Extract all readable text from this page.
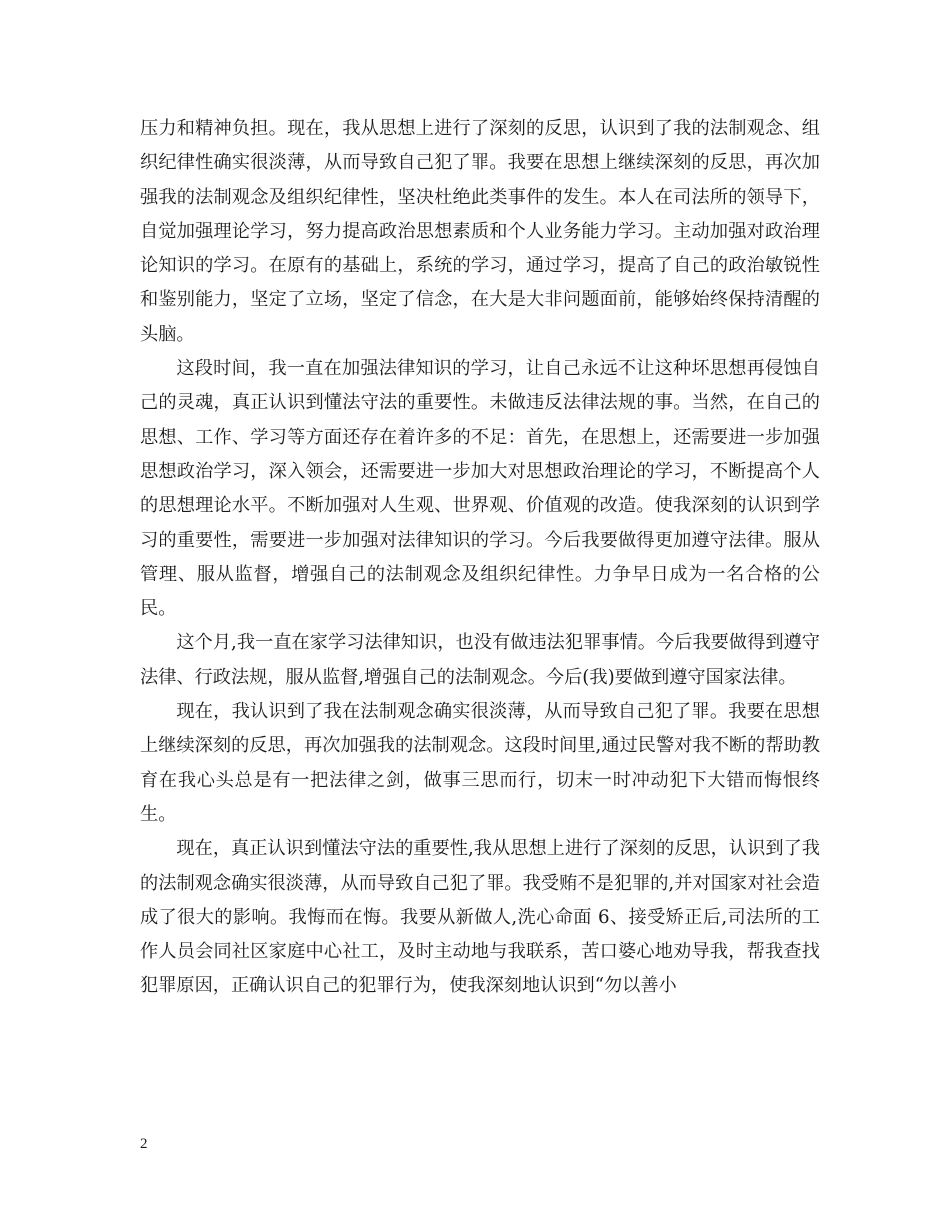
压力和精神负担。现在，我从思想上进行了深刻的反思，认识到了我的法制观念、组织纪律性确实很淡薄，从而导致自己犯了罪。我要在思想上继续深刻的反思，再次加强我的法制观念及组织纪律性，坚决杜绝此类事件的发生。本人在司法所的领导下，自觉加强理论学习，努力提高政治思想素质和个人业务能力学习。主动加强对政治理论知识的学习。在原有的基础上，系统的学习，通过学习，提高了自己的政治敏锐性和鉴别能力，坚定了立场，坚定了信念，在大是大非问题面前，能够始终保持清醒的头脑。

这段时间，我一直在加强法律知识的学习，让自己永远不让这种坏思想再侵蚀自己的灵魂，真正认识到懂法守法的重要性。未做违反法律法规的事。当然，在自己的思想、工作、学习等方面还存在着许多的不足：首先，在思想上，还需要进一步加强思想政治学习，深入领会，还需要进一步加大对思想政治理论的学习，不断提高个人的思想理论水平。不断加强对人生观、世界观、价值观的改造。使我深刻的认识到学习的重要性，需要进一步加强对法律知识的学习。今后我要做得更加遵守法律。服从管理、服从监督，增强自己的法制观念及组织纪律性。力争早日成为一名合格的公民。

这个月,我一直在家学习法律知识，也没有做违法犯罪事情。今后我要做得到遵守法律、行政法规，服从监督,增强自己的法制观念。今后(我)要做到遵守国家法律。

现在，我认识到了我在法制观念确实很淡薄，从而导致自己犯了罪。我要在思想上继续深刻的反思，再次加强我的法制观念。这段时间里,通过民警对我不断的帮助教育在我心头总是有一把法律之剑，做事三思而行，切末一时冲动犯下大错而悔恨终生。

现在，真正认识到懂法守法的重要性,我从思想上进行了深刻的反思，认识到了我的法制观念确实很淡薄，从而导致自己犯了罪。我受贿不是犯罪的,并对国家对社会造成了很大的影响。我悔而在悔。我要从新做人,洗心命面 6、接受矫正后,司法所的工作人员会同社区家庭中心社工，及时主动地与我联系，苦口婆心地劝导我，帮我查找犯罪原因，正确认识自己的犯罪行为，使我深刻地认识到“勿以善小

2
